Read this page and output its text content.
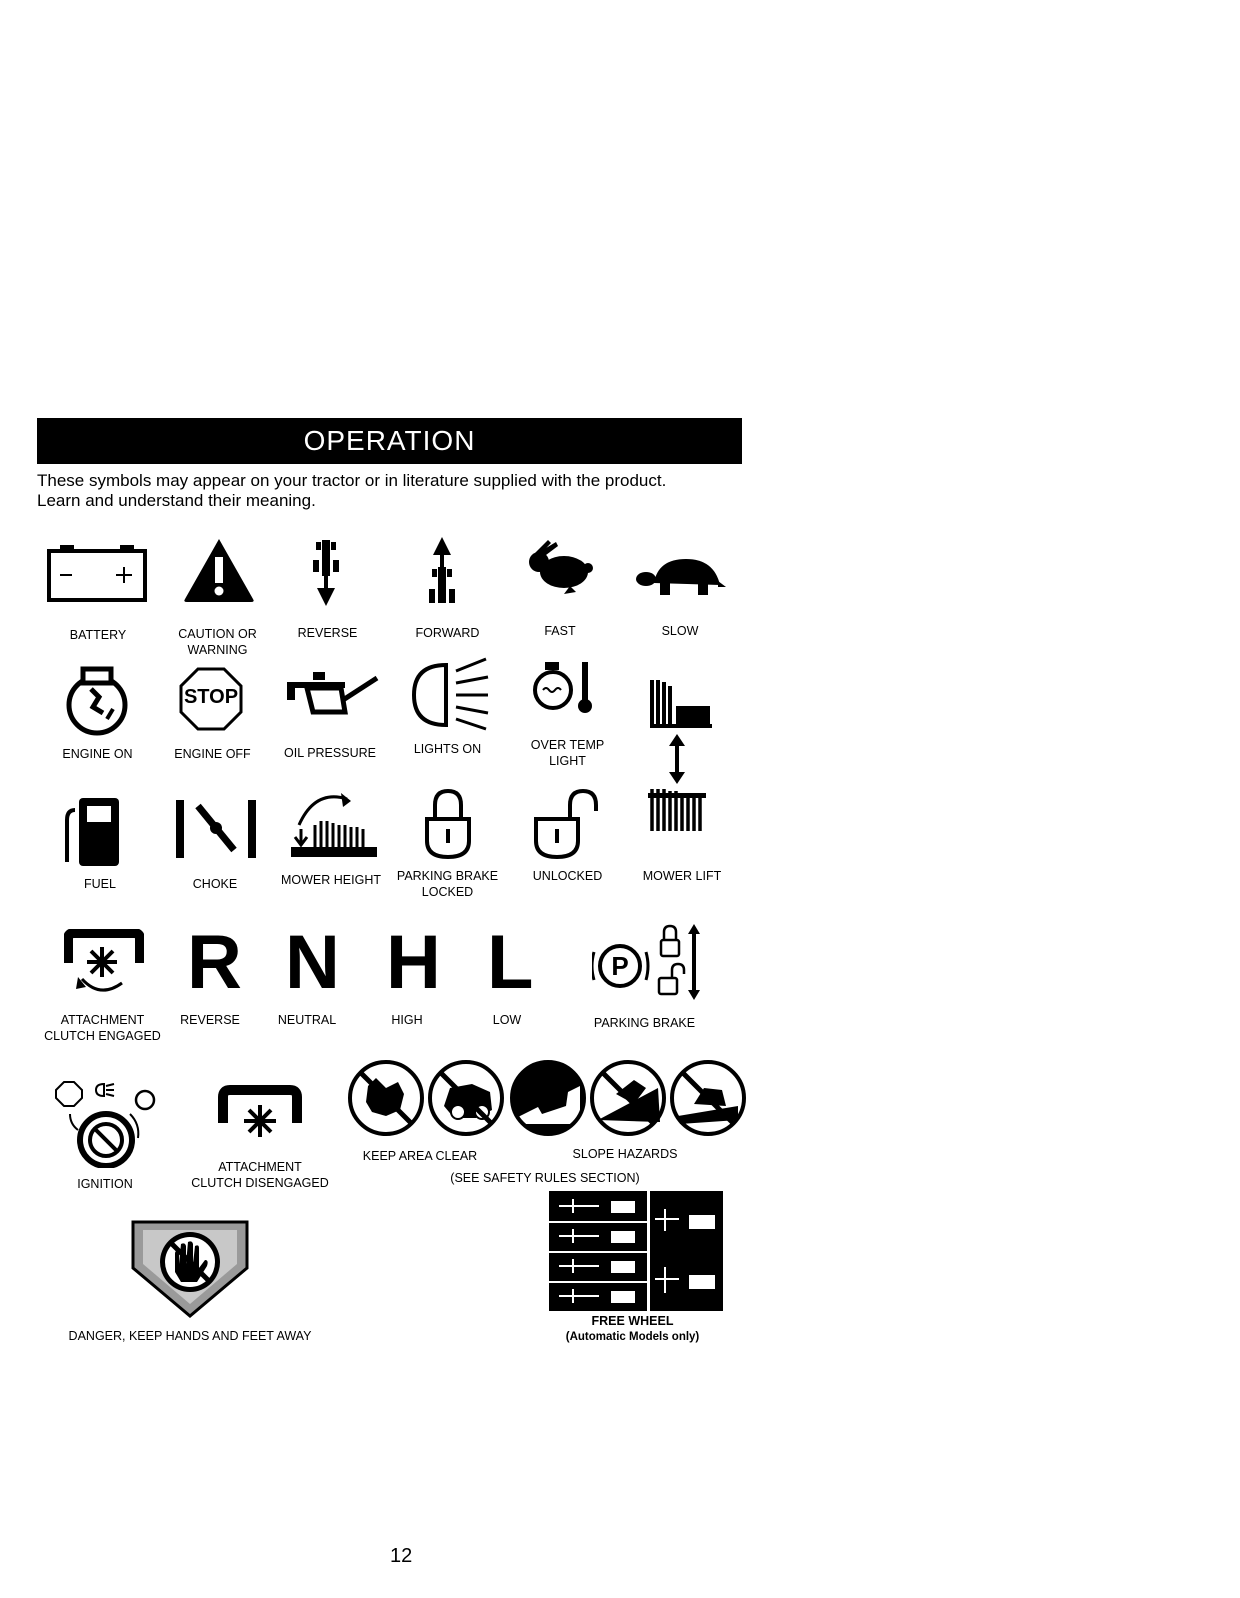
OPERATION
These symbols may appear on your tractor or in literature supplied with the product.
Learn and understand their meaning.
BATTERY	CAUTION OR
WARNING
REVERSE	FORWARD	FAST	SLOW
ENGINE ON
STOP
ENGINE OFF	OIL PRESSURE	LIGHTS ON	OVER TEMP
LIGHT
FUEL	CHOKE	MOWER HEIGHT	PARKING BRAKE
LOCKED
UNLOCKED	MOWER LIFT
ATTACHMENT
CLUTCH ENGAGED
R N H L
REVERSE	NEUTRAL	HIGH	LOW
P
PARKING BRAKE
IGNITION
ATTACHMENT
CLUTCH DISENGAGED
KEEP AREA CLEAR	SLOPE HAZARDS
(SEE SAFETY RULES SECTION)
DANGER, KEEP HANDS AND FEET AWAY
FREE WHEEL
(Automatic Models only)
12
